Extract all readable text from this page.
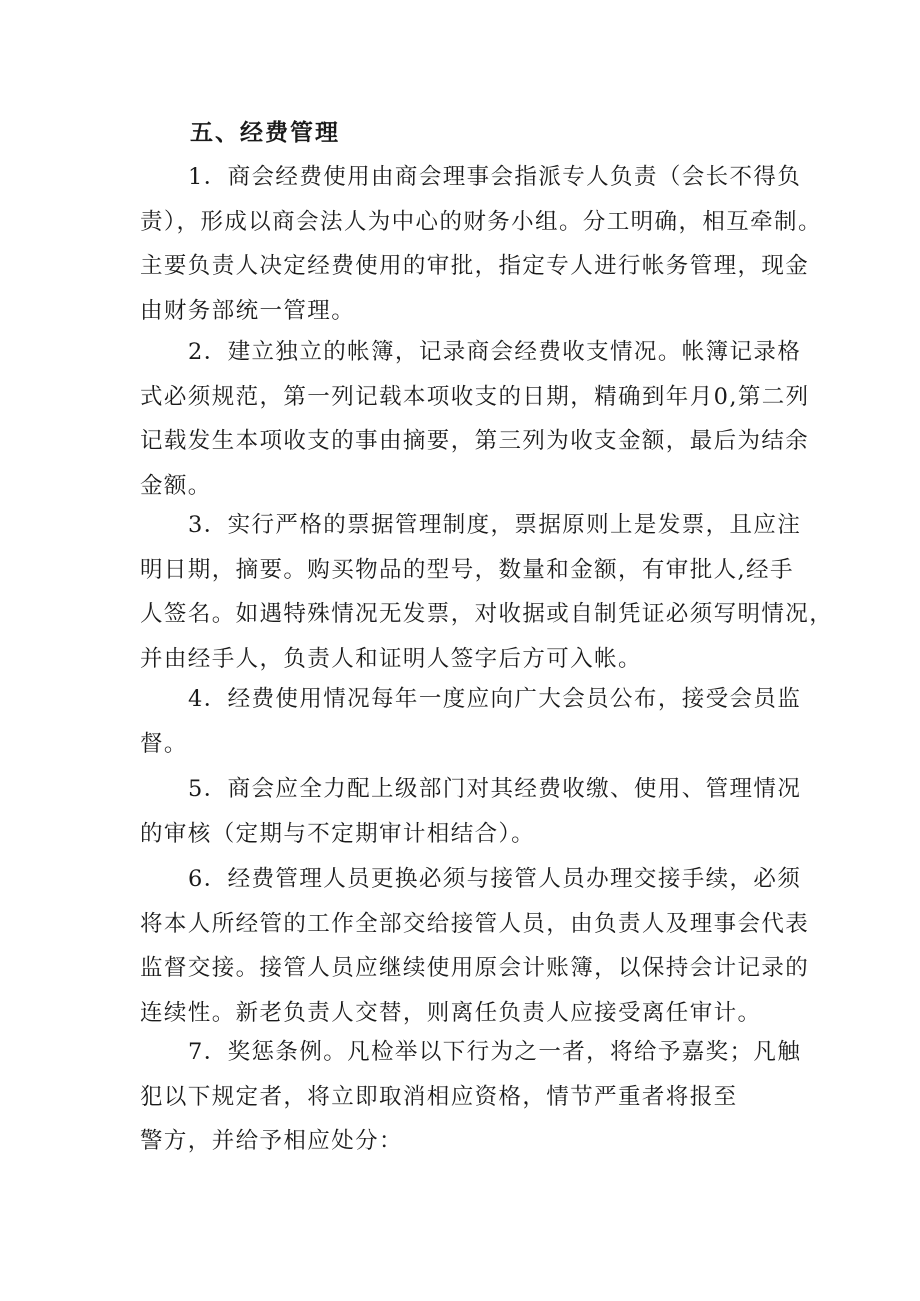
五、经费管理
1．商会经费使用由商会理事会指派专人负责（会长不得负
责），形成以商会法人为中心的财务小组。分工明确，相互牵制。
主要负责人决定经费使用的审批，指定专人进行帐务管理，现金
由财务部统一管理。
2．建立独立的帐簿，记录商会经费收支情况。帐簿记录格
式必须规范，第一列记载本项收支的日期，精确到年月0,第二列
记载发生本项收支的事由摘要，第三列为收支金额，最后为结余
金额。
3．实行严格的票据管理制度，票据原则上是发票，且应注
明日期，摘要。购买物品的型号，数量和金额，有审批人,经手
人签名。如遇特殊情况无发票，对收据或自制凭证必须写明情况，
并由经手人，负责人和证明人签字后方可入帐。
4．经费使用情况每年一度应向广大会员公布，接受会员监
督。
5．商会应全力配上级部门对其经费收缴、使用、管理情况
的审核（定期与不定期审计相结合）。
6．经费管理人员更换必须与接管人员办理交接手续，必须
将本人所经管的工作全部交给接管人员，由负责人及理事会代表
监督交接。接管人员应继续使用原会计账簿，以保持会计记录的
连续性。新老负责人交替，则离任负责人应接受离任审计。
7．奖惩条例。凡检举以下行为之一者，将给予嘉奖；凡触
犯以下规定者，将立即取消相应资格，情节严重者将报至
警方，并给予相应处分：
